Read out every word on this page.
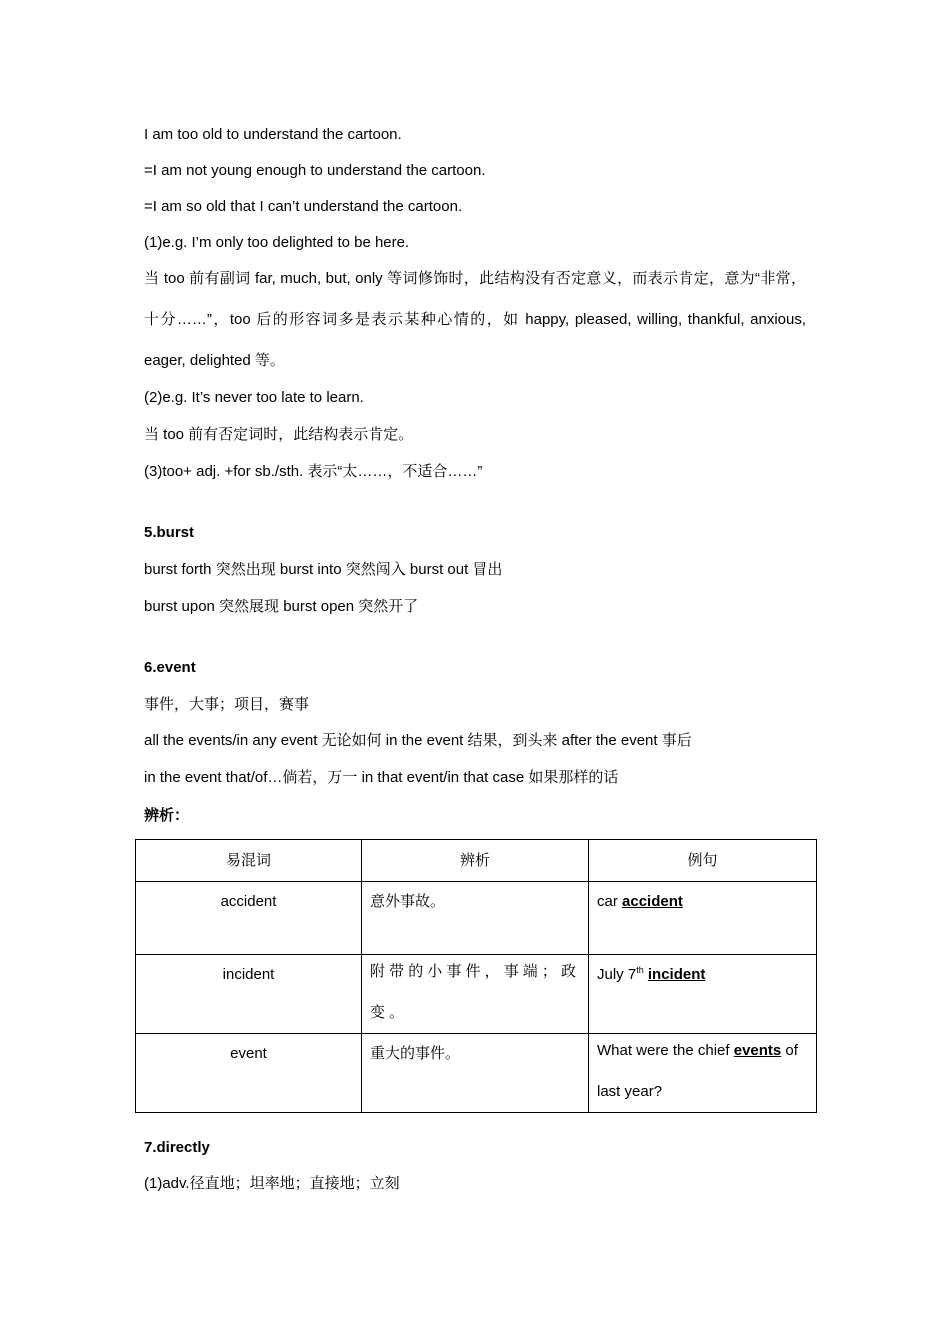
I am too old to understand the cartoon.
=I am not young enough to understand the cartoon.
=I am so old that I can’t understand the cartoon.
(1)e.g. I’m only too delighted to be here.
当 too 前有副词 far, much, but, only 等词修饰时，此结构没有否定意义，而表示肯定，意为“非常，十分……”，too 后的形容词多是表示某种心情的，如 happy, pleased, willing, thankful, anxious, eager, delighted 等。
(2)e.g. It’s never too late to learn.
当 too 前有否定词时，此结构表示肯定。
(3)too+ adj. +for sb./sth. 表示“太……，不适合……”
5.burst
burst forth 突然出现 burst into 突然闯入 burst out 冒出
burst upon 突然展现 burst open 突然开了
6.event
事件，大事；项目，赛事
all the events/in any event 无论如何 in the event 结果，到头来 after the event 事后
in the event that/of…倘若，万一 in that event/in that case 如果那样的话
辨析：
易混词	辨析	例句

accident	意外事故。	car accident

incident	附带的小事件，事端；政变。	July 7th incident

event	重大的事件。	What were the chief events of last year?
7.directly
(1)adv.径直地；坦率地；直接地；立刻
